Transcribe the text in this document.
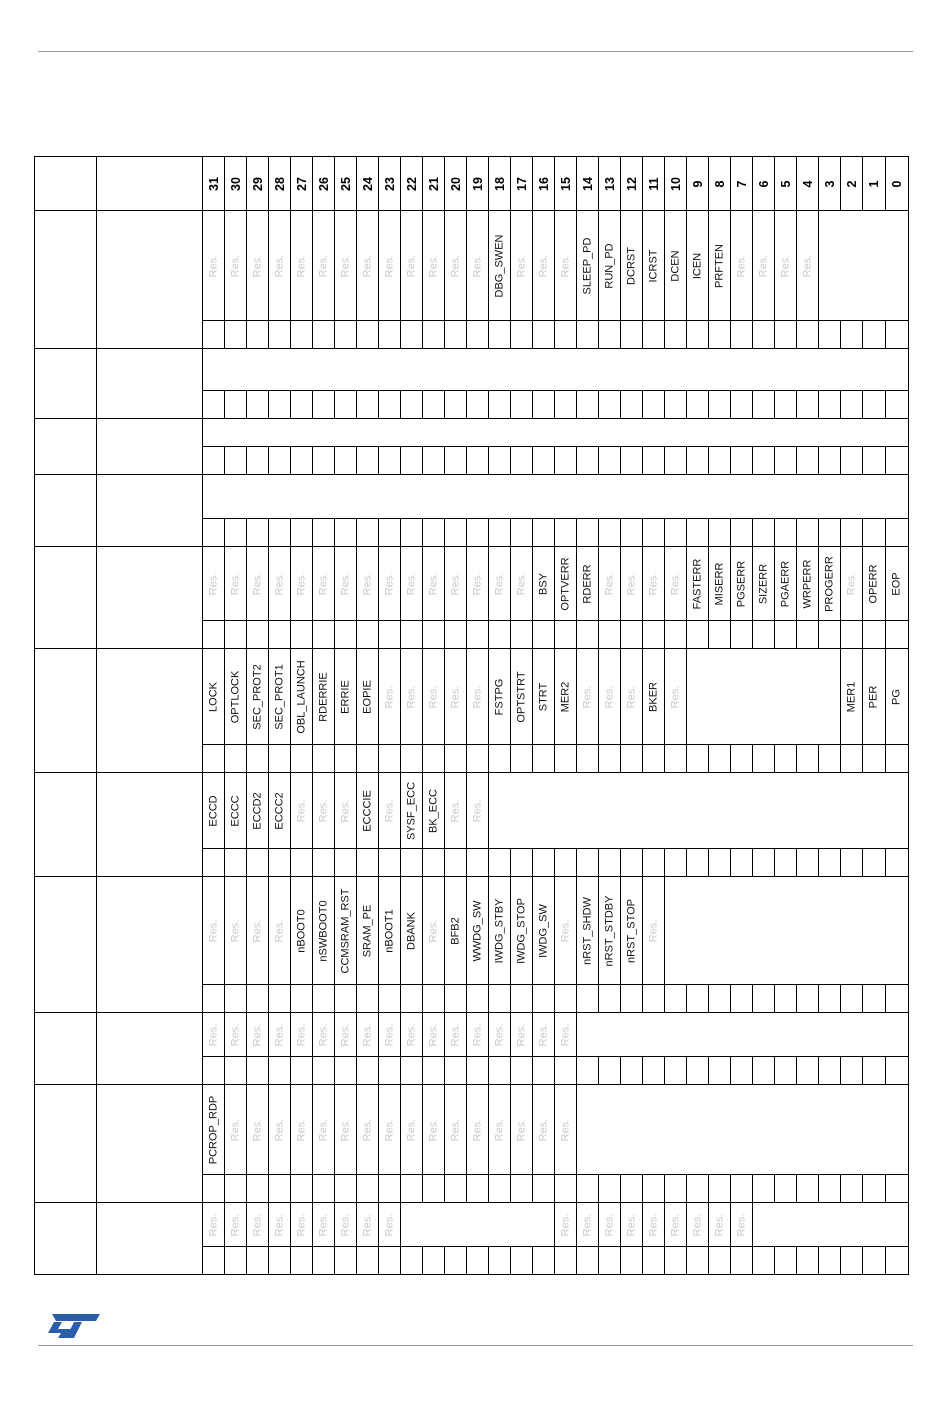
		31	30	29	28	27	26	25	24	23	22	21	20	19	18	17	16	15	14	13	12	11	10	9	8	7	6	5	4	3	2	1	0

		Res.	Res.	Res.	Res.	Res.	Res.	Res.	Res.	Res.	Res.	Res.	Res.	Res.	DBG_SWEN	Res.	Res.	Res.	SLEEP_PD	RUN_PD	DCRST	ICRST	DCEN	ICEN	PRFTEN	Res.	Res.	Res.	Res.				

		Res.	Res.	Res.	Res.	Res.	Res.	Res.	Res.	Res.	Res.	Res.	Res.	Res.	Res.	Res.	BSY	OPTVERR	RDERR	Res.	Res.	Res.	Res.	FASTERR	MISERR	PGSERR	SIZERR	PGAERR	WRPERR	PROGERR	Res.	OPERR	EOP

		LOCK	OPTLOCK	SEC_PROT2	SEC_PROT1	OBL_LAUNCH	RDERRIE	ERRIE	EOPIE	Res.	Res.	Res.	Res.	Res.	FSTPG	OPTSTRT	STRT	MER2	Res.	Res.	Res.	BKER	Res.								MER1	PER	PG

		ECCD	ECCC	ECCD2	ECCC2	Res.	Res.	Res.	ECCCIE	Res.	SYSF_ECC	BK_ECC	Res.	Res.																			

		Res.	Res.	Res.	Res.	nBOOT0	nSWBOOT0	CCMSRAM_RST	SRAM_PE	nBOOT1	DBANK	Res.	BFB2	WWDG_SW	IWDG_STBY	IWDG_STOP	IWDG_SW	Res.	nRST_SHDW	nRST_STDBY	nRST_STOP	Res.											

		Res.	Res.	Res.	Res.	Res.	Res.	Res.	Res.	Res.	Res.	Res.	Res.	Res.	Res.	Res.	Res.	Res.															

		PCROP_RDP	Res.	Res.	Res.	Res.	Res.	Res.	Res.	Res.	Res.	Res.	Res.	Res.	Res.	Res.	Res.	Res.															

		Res.	Res.	Res.	Res.	Res.	Res.	Res.	Res.	Res.								Res.	Res.	Res.	Res.	Res.	Res.	Res.	Res.	Res.							
